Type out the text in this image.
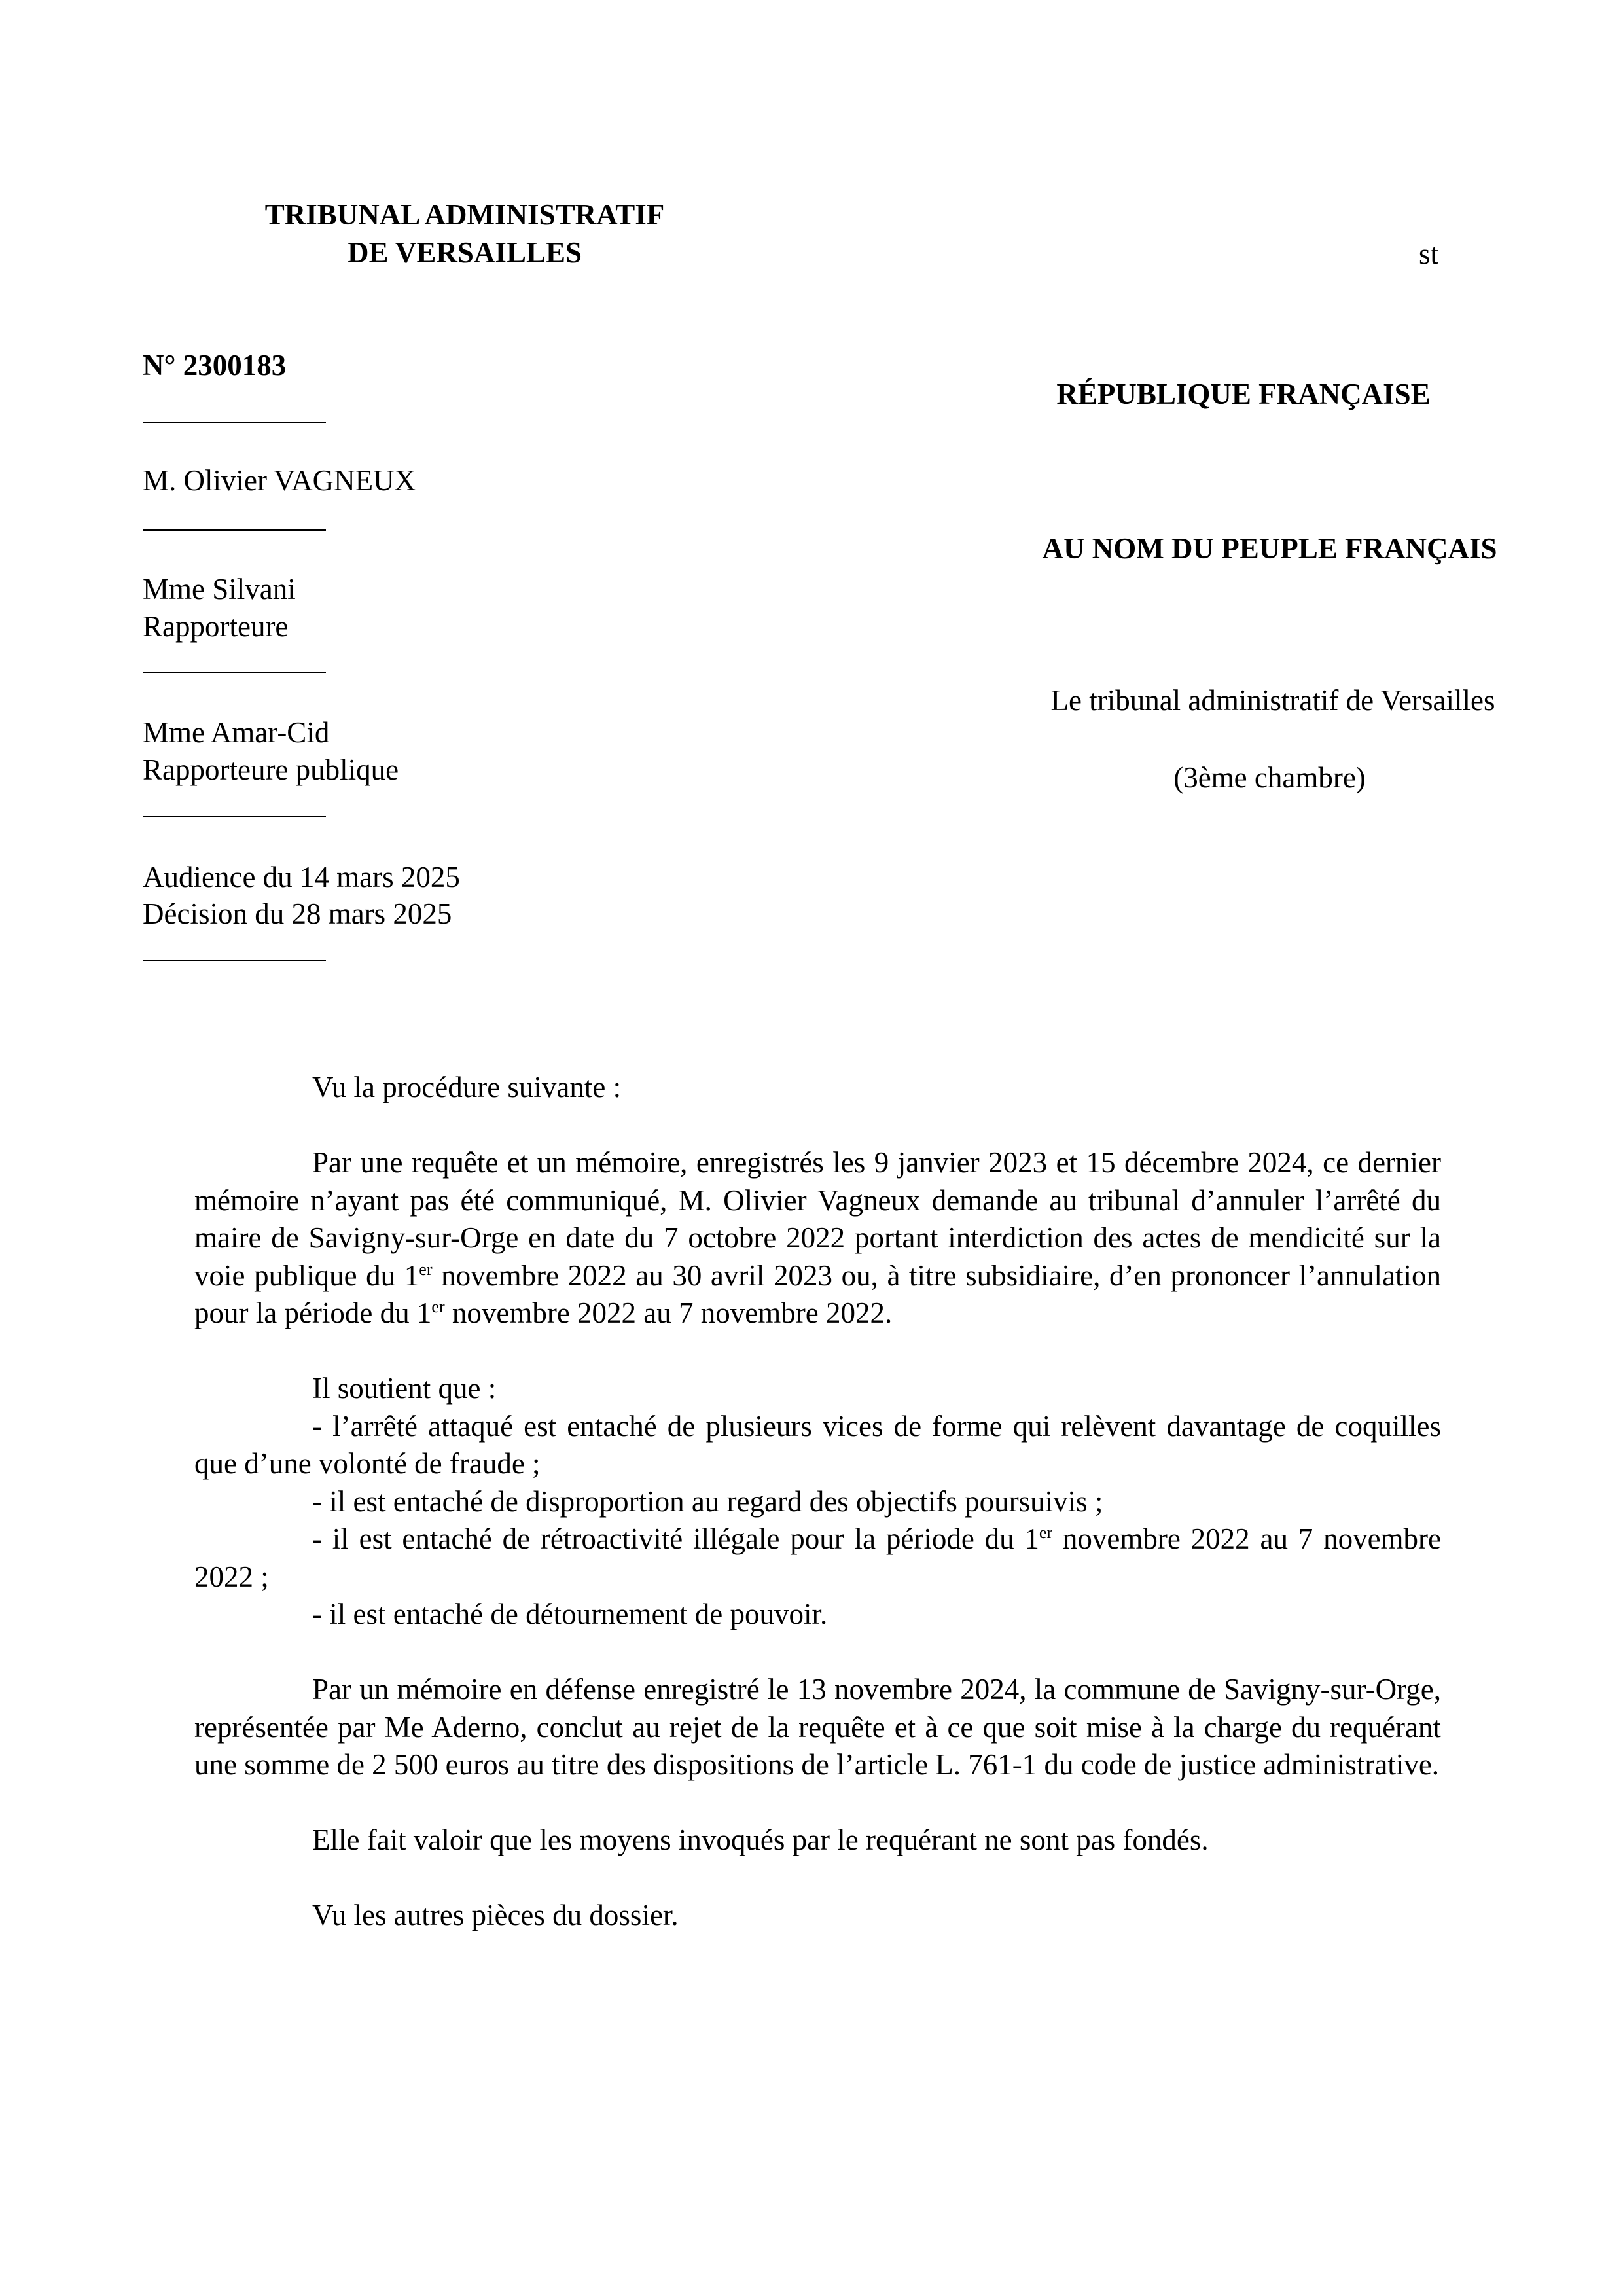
TRIBUNAL ADMINISTRATIF
DE VERSAILLES	st
N° 2300183
M. Olivier VAGNEUX
Mme Silvani
Rapporteure
Mme Amar-Cid
Rapporteure publique
Audience du 14 mars 2025
Décision du 28 mars 2025
RÉPUBLIQUE FRANÇAISE
AU NOM DU PEUPLE FRANÇAIS
Le tribunal administratif de Versailles
(3ème chambre)

Vu la procédure suivante :

Par une requête et un mémoire, enregistrés les 9 janvier 2023 et 15 décembre 2024, ce dernier mémoire n’ayant pas été communiqué, M. Olivier Vagneux demande au tribunal d’annuler l’arrêté du maire de Savigny-sur-Orge en date du 7 octobre 2022 portant interdiction des actes de mendicité sur la voie publique du 1er novembre 2022 au 30 avril 2023 ou, à titre subsidiaire, d’en prononcer l’annulation pour la période du 1er novembre 2022 au 7 novembre 2022.

Il soutient que :

- l’arrêté attaqué est entaché de plusieurs vices de forme qui relèvent davantage de coquilles que d’une volonté de fraude ;

- il est entaché de disproportion au regard des objectifs poursuivis ;

- il est entaché de rétroactivité illégale pour la période du 1er novembre 2022 au 7 novembre 2022 ;

- il est entaché de détournement de pouvoir.

Par un mémoire en défense enregistré le 13 novembre 2024, la commune de Savigny-sur-Orge, représentée par Me Aderno, conclut au rejet de la requête et à ce que soit mise à la charge du requérant une somme de 2 500 euros au titre des dispositions de l’article L. 761-1 du code de justice administrative.

Elle fait valoir que les moyens invoqués par le requérant ne sont pas fondés.

Vu les autres pièces du dossier.
